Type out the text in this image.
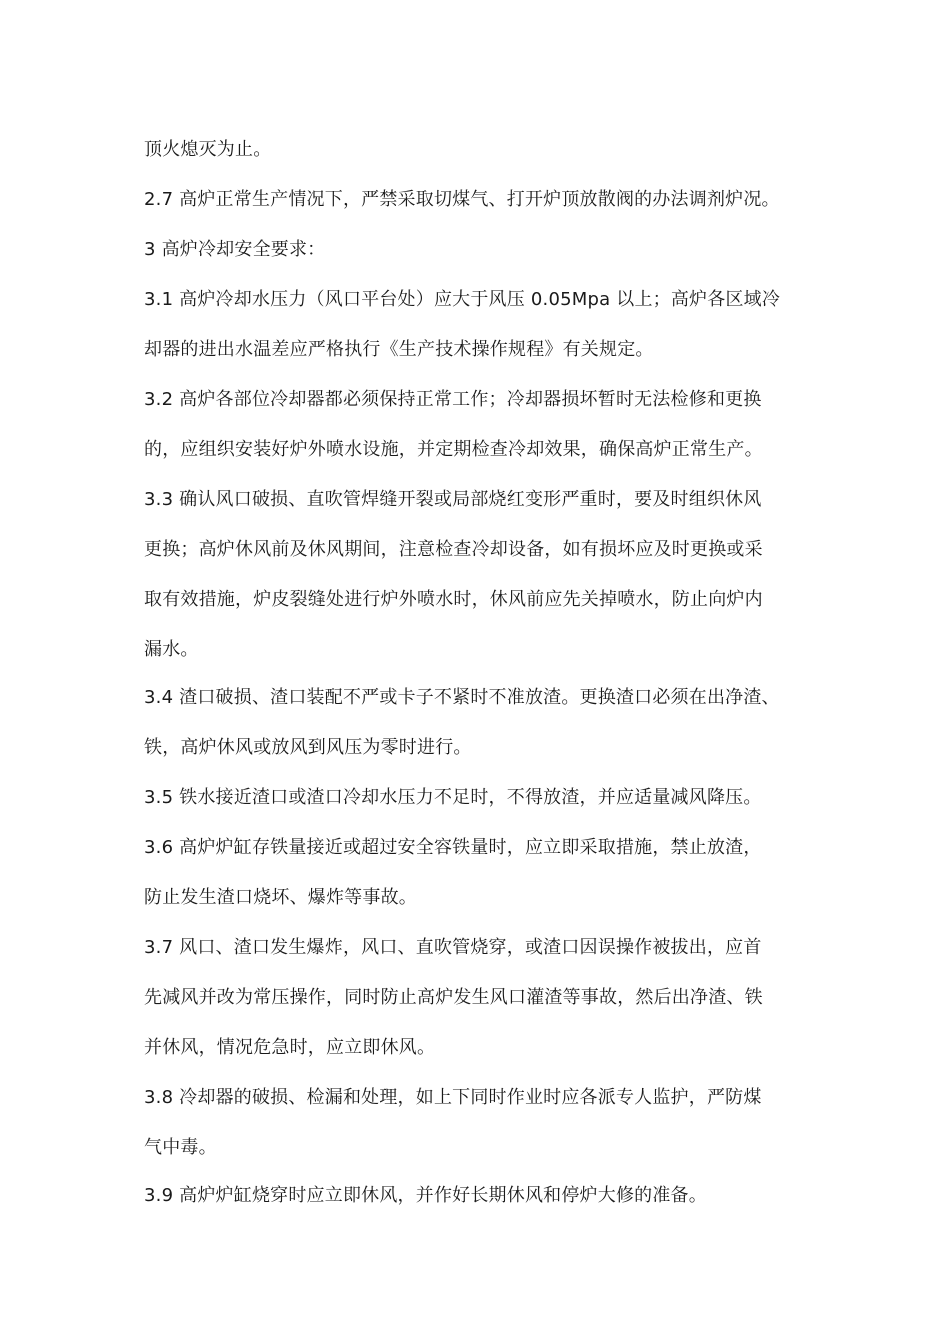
顶火熄灭为止。
2.7 高炉正常生产情况下，严禁采取切煤气、打开炉顶放散阀的办法调剂炉况。
3 高炉冷却安全要求：
3.1 高炉冷却水压力（风口平台处）应大于风压 0.05Mpa 以上；高炉各区域冷
却器的进出水温差应严格执行《生产技术操作规程》有关规定。
3.2 高炉各部位冷却器都必须保持正常工作；冷却器损坏暂时无法检修和更换
的，应组织安装好炉外喷水设施，并定期检查冷却效果，确保高炉正常生产。
3.3 确认风口破损、直吹管焊缝开裂或局部烧红变形严重时，要及时组织休风
更换；高炉休风前及休风期间，注意检查冷却设备，如有损坏应及时更换或采
取有效措施，炉皮裂缝处进行炉外喷水时，休风前应先关掉喷水，防止向炉内
漏水。
3.4 渣口破损、渣口装配不严或卡子不紧时不准放渣。更换渣口必须在出净渣、
铁，高炉休风或放风到风压为零时进行。
3.5 铁水接近渣口或渣口冷却水压力不足时，不得放渣，并应适量减风降压。
3.6 高炉炉缸存铁量接近或超过安全容铁量时，应立即采取措施，禁止放渣，
防止发生渣口烧坏、爆炸等事故。
3.7 风口、渣口发生爆炸，风口、直吹管烧穿，或渣口因误操作被拔出，应首
先减风并改为常压操作，同时防止高炉发生风口灌渣等事故，然后出净渣、铁
并休风，情况危急时，应立即休风。
3.8 冷却器的破损、检漏和处理，如上下同时作业时应各派专人监护，严防煤
气中毒。
3.9 高炉炉缸烧穿时应立即休风，并作好长期休风和停炉大修的准备。
